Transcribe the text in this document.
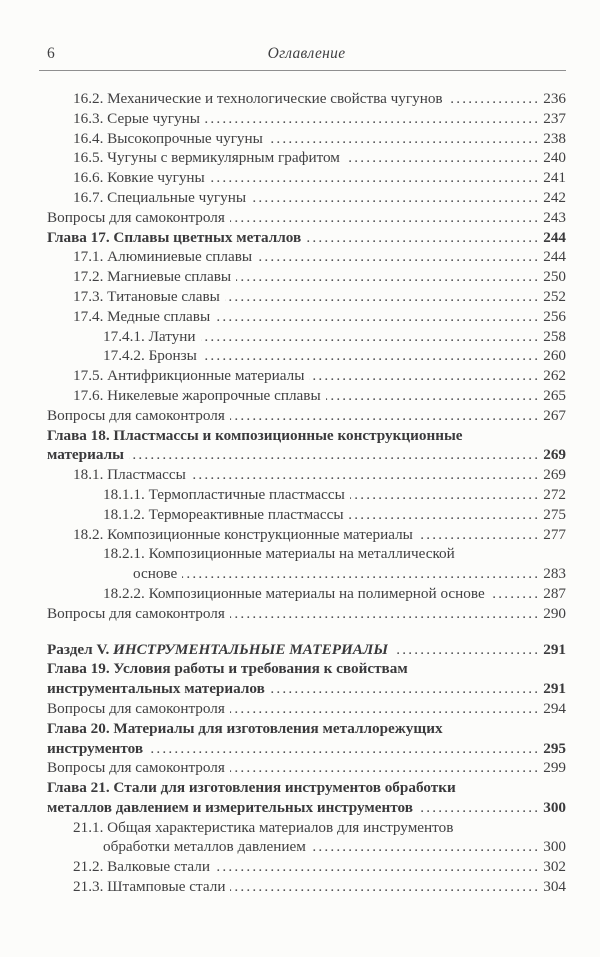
6	Оглавление
16.2. Механические и технологические свойства чугунов .....	236
16.3. Серые чугуны .....	237
16.4. Высокопрочные чугуны .....	238
16.5. Чугуны с вермикулярным графитом .....	240
16.6. Ковкие чугуны .....	241
16.7. Специальные чугуны .....	242
Вопросы для самоконтроля .....	243
Глава 17. Сплавы цветных металлов .....	244
17.1. Алюминиевые сплавы .....	244
17.2. Магниевые сплавы .....	250
17.3. Титановые славы .....	252
17.4. Медные сплавы .....	256
17.4.1. Латуни .....	258
17.4.2. Бронзы .....	260
17.5. Антифрикционные материалы .....	262
17.6. Никелевые жаропрочные сплавы .....	265
Вопросы для самоконтроля .....	267
Глава 18. Пластмассы и композиционные конструкционные
материалы .....	269
18.1. Пластмассы .....	269
18.1.1. Термопластичные пластмассы .....	272
18.1.2. Термореактивные пластмассы .....	275
18.2. Композиционные конструкционные материалы .....	277
18.2.1. Композиционные материалы на металлической
основе .....	283
18.2.2. Композиционные материалы на полимерной основе .....	287
Вопросы для самоконтроля .....	290
Раздел V. ИНСТРУМЕНТАЛЬНЫЕ МАТЕРИАЛЫ .....	291
Глава 19. Условия работы и требования к свойствам
инструментальных материалов .....	291
Вопросы для самоконтроля .....	294
Глава 20. Материалы для изготовления металлорежущих
инструментов .....	295
Вопросы для самоконтроля .....	299
Глава 21. Стали для изготовления инструментов обработки
металлов давлением и измерительных инструментов .....	300
21.1. Общая характеристика материалов для инструментов
обработки металлов давлением .....	300
21.2. Валковые стали .....	302
21.3. Штамповые стали .....	304
